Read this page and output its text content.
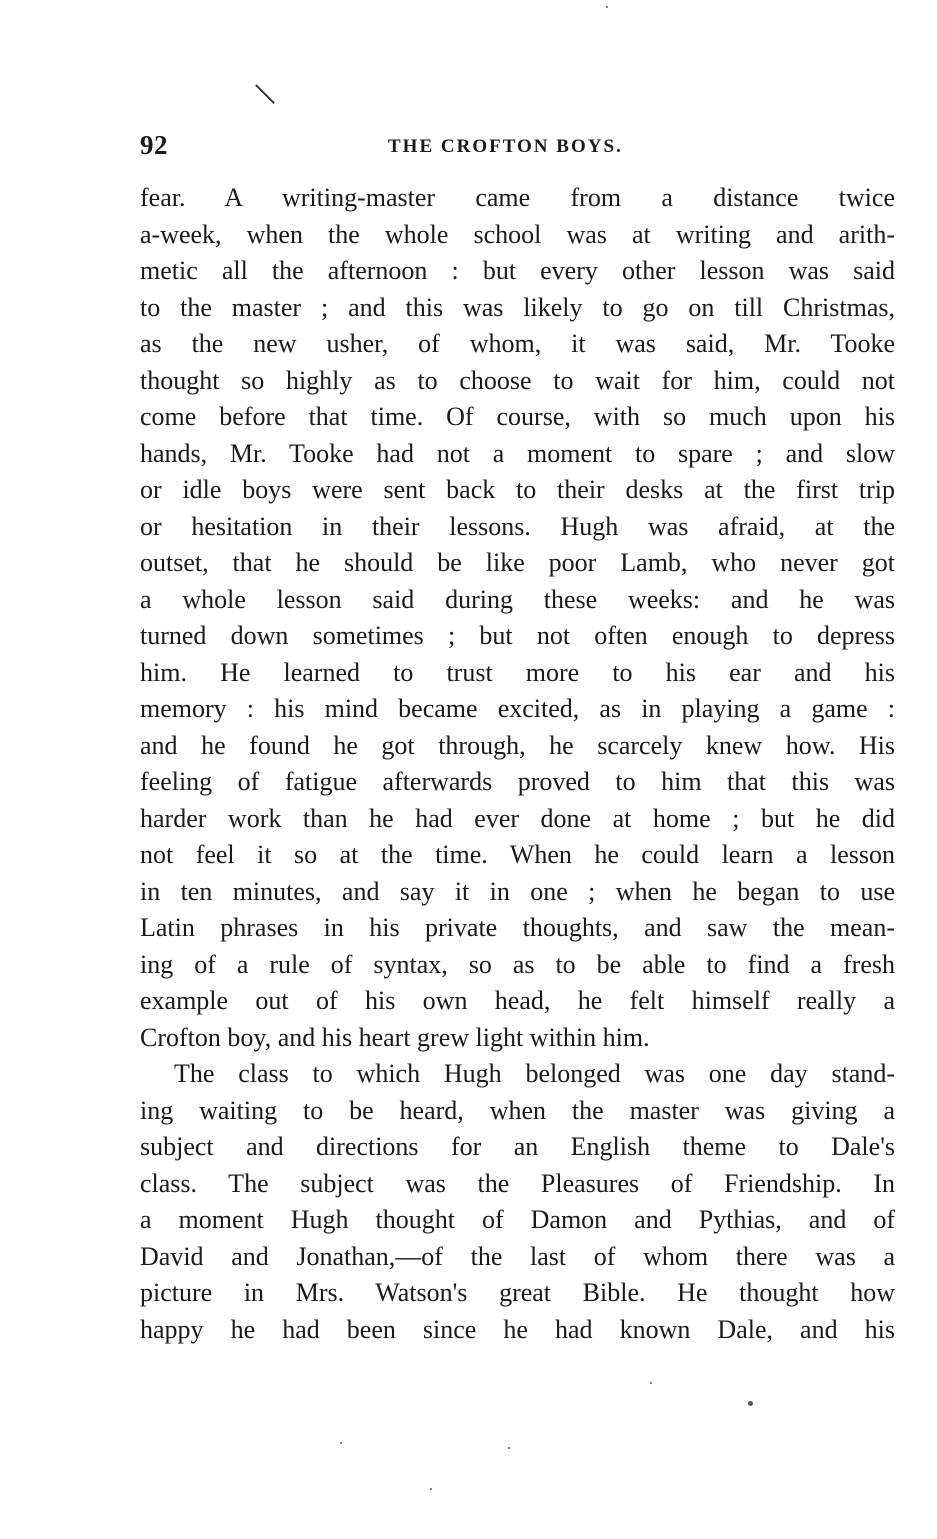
92	THE CROFTON BOYS.
fear. A writing-master came from a distance twice
a-week, when the whole school was at writing and arith-
metic all the afternoon : but every other lesson was said
to the master ; and this was likely to go on till Christmas,
as the new usher, of whom, it was said, Mr. Tooke
thought so highly as to choose to wait for him, could not
come before that time. Of course, with so much upon his
hands, Mr. Tooke had not a moment to spare ; and slow
or idle boys were sent back to their desks at the first trip
or hesitation in their lessons. Hugh was afraid, at the
outset, that he should be like poor Lamb, who never got
a whole lesson said during these weeks: and he was
turned down sometimes ; but not often enough to depress
him. He learned to trust more to his ear and his
memory : his mind became excited, as in playing a game :
and he found he got through, he scarcely knew how. His
feeling of fatigue afterwards proved to him that this was
harder work than he had ever done at home ; but he did
not feel it so at the time. When he could learn a lesson
in ten minutes, and say it in one ; when he began to use
Latin phrases in his private thoughts, and saw the mean-
ing of a rule of syntax, so as to be able to find a fresh
example out of his own head, he felt himself really a
Crofton boy, and his heart grew light within him.
The class to which Hugh belonged was one day stand-
ing waiting to be heard, when the master was giving a
subject and directions for an English theme to Dale's
class. The subject was the Pleasures of Friendship. In
a moment Hugh thought of Damon and Pythias, and of
David and Jonathan,—of the last of whom there was a
picture in Mrs. Watson's great Bible. He thought how
happy he had been since he had known Dale, and his
